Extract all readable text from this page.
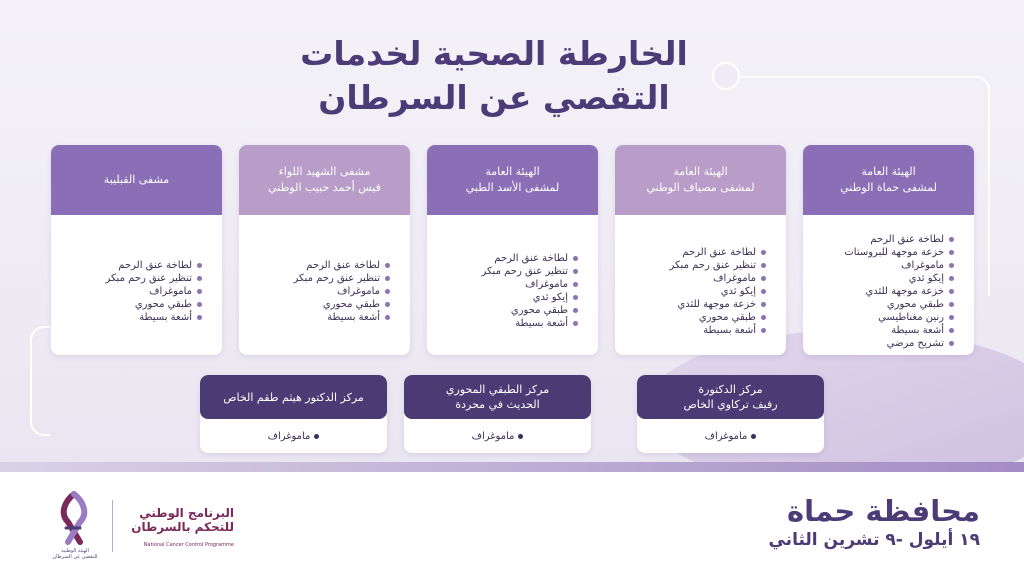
الخارطة الصحية لخدمات
التقصي عن السرطان
الهيئة العامة
لمشفى حماة الوطني
لطاخة عنق الرحم
خزعة موجهة للبروستات
ماموغراف
إيكو ثدي
خزعة موجهة للثدي
طبقي محوري
رنين مغناطيسي
أشعة بسيطة
تشريح مرضي
الهيئة العامة
لمشفى مصياف الوطني
لطاخة عنق الرحم
تنظير عنق رحم مبكر
ماموغراف
إيكو ثدي
خزعة موجهة للثدي
طبقي محوري
أشعة بسيطة
الهيئة العامة
لمشفى الأسد الطبي
لطاخة عنق الرحم
تنظير عنق رحم مبكر
ماموغراف
إيكو ثدي
طبقي محوري
أشعة بسيطة
مشفى الشهيد اللواء
فيس أحمد حبيب الوطني
لطاخة عنق الرحم
تنظير عنق رحم مبكر
ماموغراف
طبقي محوري
أشعة بسيطة
مشفى القبليبة
لطاخة عنق الرحم
تنظير عنق رحم مبكر
ماموغراف
طبقي محوري
أشعة بسيطة
مركز الدكتورة
رفيف تركاوي الخاص
ماموغراف
مركز الطبقي المحوري
الحديث في محردة
ماموغراف
مركز الدكتور هيثم طقم الخاص
ماموغراف
محافظة حماة
١٩ أيلول -٩ تشرين الثاني
البرنامج الوطني
للتحكم بالسرطان
National Cancer Control Programme
الهيئة الوطنية
للتقصي عن السرطان
